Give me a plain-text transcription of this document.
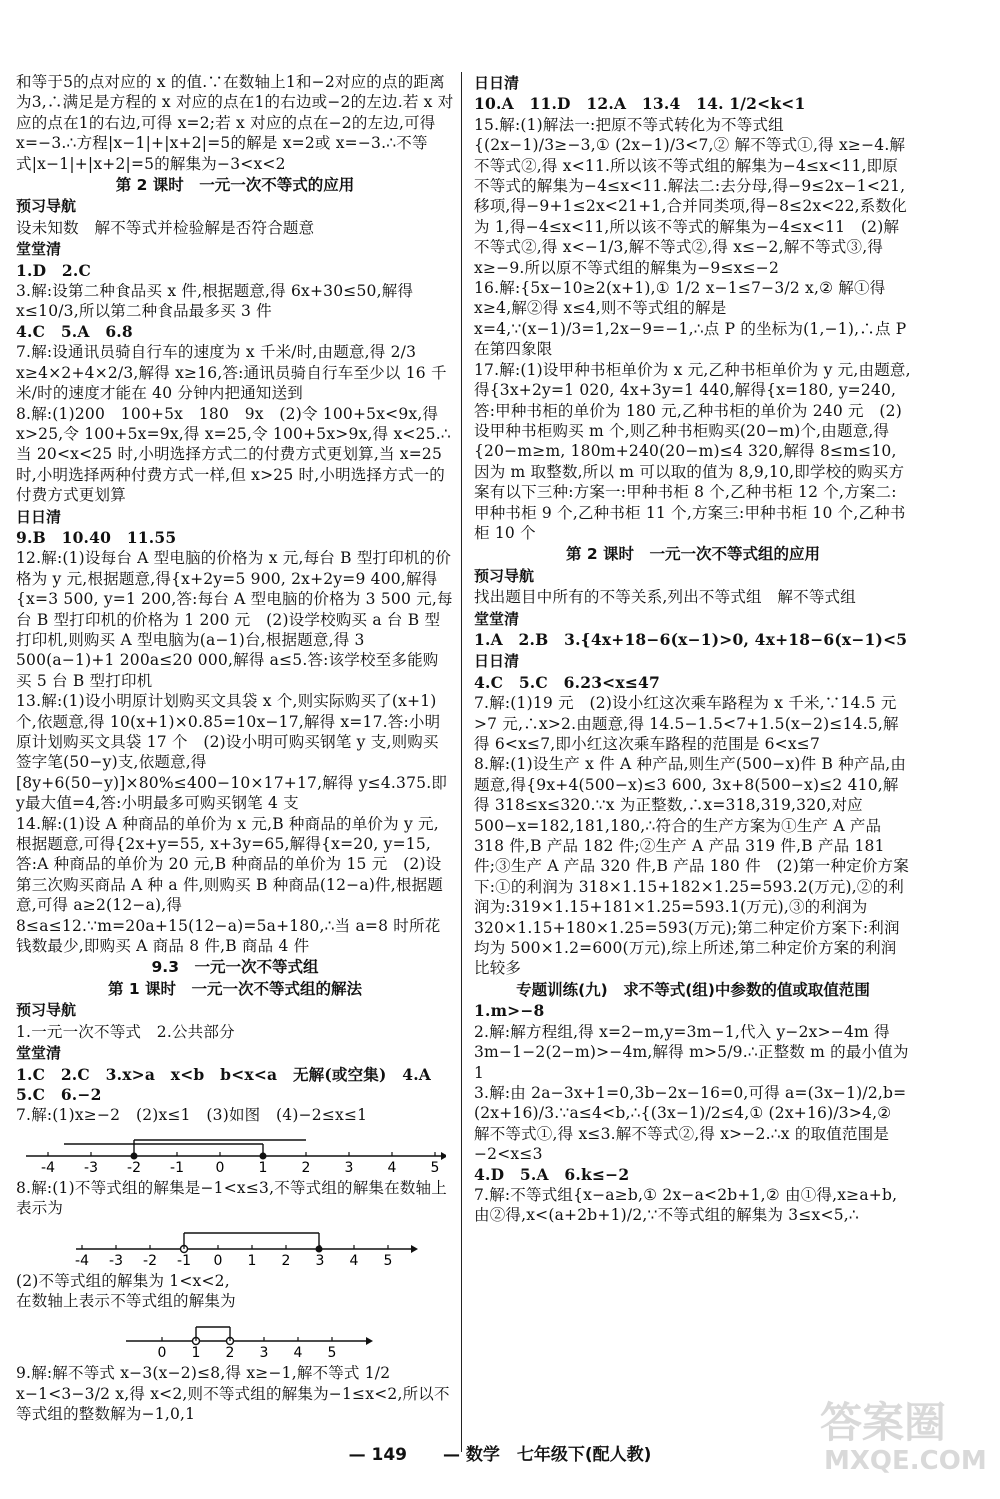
和等于5的点对应的 x 的值.∵在数轴上1和−2对应的点的距离为3,∴满足是方程的 x 对应的点在1的右边或−2的左边.若 x 对应的点在1的右边,可得 x=2;若 x 对应的点在−2的左边,可得 x=−3.∴方程|x−1|+|x+2|=5的解是 x=2或 x=−3.∴不等式|x−1|+|x+2|=5的解集为−3<x<2

第 2 课时　一元一次不等式的应用

预习导航

设未知数　解不等式并检验解是否符合题意

堂堂清

1.D　2.C

3.解:设第二种食品买 x 件,根据题意,得 6x+30≤50,解得 x≤10/3,所以第二种食品最多买 3 件

4.C　5.A　6.8

7.解:设通讯员骑自行车的速度为 x 千米/时,由题意,得 2/3 x≥4×2+4×2/3,解得 x≥16,答:通讯员骑自行车至少以 16 千米/时的速度才能在 40 分钟内把通知送到

8.解:(1)200　100+5x　180　9x　(2)令 100+5x<9x,得 x>25,令 100+5x=9x,得 x=25,令 100+5x>9x,得 x<25.∴当 20<x<25 时,小明选择方式二的付费方式更划算,当 x=25 时,小明选择两种付费方式一样,但 x>25 时,小明选择方式一的付费方式更划算

日日清

9.B　10.40　11.55

12.解:(1)设每台 A 型电脑的价格为 x 元,每台 B 型打印机的价格为 y 元,根据题意,得{x+2y=5 900, 2x+2y=9 400,解得{x=3 500, y=1 200,答:每台 A 型电脑的价格为 3 500 元,每台 B 型打印机的价格为 1 200 元　(2)设学校购买 a 台 B 型打印机,则购买 A 型电脑为(a−1)台,根据题意,得 3 500(a−1)+1 200a≤20 000,解得 a≤5.答:该学校至多能购买 5 台 B 型打印机

13.解:(1)设小明原计划购买文具袋 x 个,则实际购买了(x+1)个,依题意,得 10(x+1)×0.85=10x−17,解得 x=17.答:小明原计划购买文具袋 17 个　(2)设小明可购买钢笔 y 支,则购买签字笔(50−y)支,依题意,得[8y+6(50−y)]×80%≤400−10×17+17,解得 y≤4.375.即 y最大值=4,答:小明最多可购买钢笔 4 支

14.解:(1)设 A 种商品的单价为 x 元,B 种商品的单价为 y 元,根据题意,可得{2x+y=55, x+3y=65,解得{x=20, y=15,答:A 种商品的单价为 20 元,B 种商品的单价为 15 元　(2)设第三次购买商品 A 种 a 件,则购买 B 种商品(12−a)件,根据题意,可得 a≥2(12−a),得 8≤a≤12.∵m=20a+15(12−a)=5a+180,∴当 a=8 时所花钱数最少,即购买 A 商品 8 件,B 商品 4 件

9.3　一元一次不等式组

第 1 课时　一元一次不等式组的解法

预习导航

1.一元一次不等式　2.公共部分

堂堂清

1.C　2.C　3.x>a　x<b　b<x<a　无解(或空集)　4.A

5.C　6.−2

7.解:(1)x≥−2　(2)x≤1　(3)如图　(4)−2≤x≤1

-4 -3 -2 -1 0 1 2 3 4 5

8.解:(1)不等式组的解集是−1<x≤3,不等式组的解集在数轴上表示为

-4 -3 -2 -1 0 1 2 3 4 5

(2)不等式组的解集为 1<x<2,

在数轴上表示不等式组的解集为

0 1 2 3 4 5

9.解:解不等式 x−3(x−2)≤8,得 x≥−1,解不等式 1/2 x−1<3−3/2 x,得 x<2,则不等式组的解集为−1≤x<2,所以不等式组的整数解为−1,0,1

日日清

10.A　11.D　12.A　13.4　14. 1/2<k<1

15.解:(1)解法一:把原不等式转化为不等式组{(2x−1)/3≥−3,① (2x−1)/3<7,② 解不等式①,得 x≥−4.解不等式②,得 x<11.所以该不等式组的解集为−4≤x<11,即原不等式的解集为−4≤x<11.解法二:去分母,得−9≤2x−1<21,移项,得−9+1≤2x<21+1,合并同类项,得−8≤2x<22,系数化为 1,得−4≤x<11,所以该不等式的解集为−4≤x<11　(2)解不等式②,得 x<−1/3,解不等式②,得 x≤−2,解不等式③,得 x≥−9.所以原不等式组的解集为−9≤x≤−2

16.解:{5x−10≥2(x+1),① 1/2 x−1≤7−3/2 x,② 解①得 x≥4,解②得 x≤4,则不等式组的解是 x=4,∵(x−1)/3=1,2x−9=−1,∴点 P 的坐标为(1,−1),∴点 P 在第四象限

17.解:(1)设甲种书柜单价为 x 元,乙种书柜单价为 y 元,由题意,得{3x+2y=1 020, 4x+3y=1 440,解得{x=180, y=240,答:甲种书柜的单价为 180 元,乙种书柜的单价为 240 元　(2)设甲种书柜购买 m 个,则乙种书柜购买(20−m)个,由题意,得{20−m≥m, 180m+240(20−m)≤4 320,解得 8≤m≤10,因为 m 取整数,所以 m 可以取的值为 8,9,10,即学校的购买方案有以下三种:方案一:甲种书柜 8 个,乙种书柜 12 个,方案二:甲种书柜 9 个,乙种书柜 11 个,方案三:甲种书柜 10 个,乙种书柜 10 个

第 2 课时　一元一次不等式组的应用

预习导航

找出题目中所有的不等关系,列出不等式组　解不等式组

堂堂清

1.A　2.B　3.{4x+18−6(x−1)>0, 4x+18−6(x−1)<5

日日清

4.C　5.C　6.23<x≤47

7.解:(1)19 元　(2)设小红这次乘车路程为 x 千米,∵14.5 元>7 元,∴x>2.由题意,得 14.5−1.5<7+1.5(x−2)≤14.5,解得 6<x≤7,即小红这次乘车路程的范围是 6<x≤7

8.解:(1)设生产 x 件 A 种产品,则生产(500−x)件 B 种产品,由题意,得{9x+4(500−x)≤3 600, 3x+8(500−x)≤2 410,解得 318≤x≤320.∵x 为正整数,∴x=318,319,320,对应 500−x=182,181,180,∴符合的生产方案为①生产 A 产品 318 件,B 产品 182 件;②生产 A 产品 319 件,B 产品 181 件;③生产 A 产品 320 件,B 产品 180 件　(2)第一种定价方案下:①的利润为 318×1.15+182×1.25=593.2(万元),②的利润为:319×1.15+181×1.25=593.1(万元),③的利润为 320×1.15+180×1.25=593(万元);第二种定价方案下:利润均为 500×1.2=600(万元),综上所述,第二种定价方案的利润比较多

专题训练(九)　求不等式(组)中参数的值或取值范围

1.m>−8

2.解:解方程组,得 x=2−m,y=3m−1,代入 y−2x>−4m 得 3m−1−2(2−m)>−4m,解得 m>5/9.∴正整数 m 的最小值为 1

3.解:由 2a−3x+1=0,3b−2x−16=0,可得 a=(3x−1)/2,b=(2x+16)/3.∵a≤4<b,∴{(3x−1)/2≤4,① (2x+16)/3>4,② 解不等式①,得 x≤3.解不等式②,得 x>−2.∴x 的取值范围是−2<x≤3

4.D　5.A　6.k≤−2

7.解:不等式组{x−a≥b,① 2x−a<2b+1,② 由①得,x≥a+b,由②得,x<(a+2b+1)/2,∵不等式组的解集为 3≤x<5,∴

— 149 — 数学　七年级下(配人教)
答案圈
MXQE.COM
